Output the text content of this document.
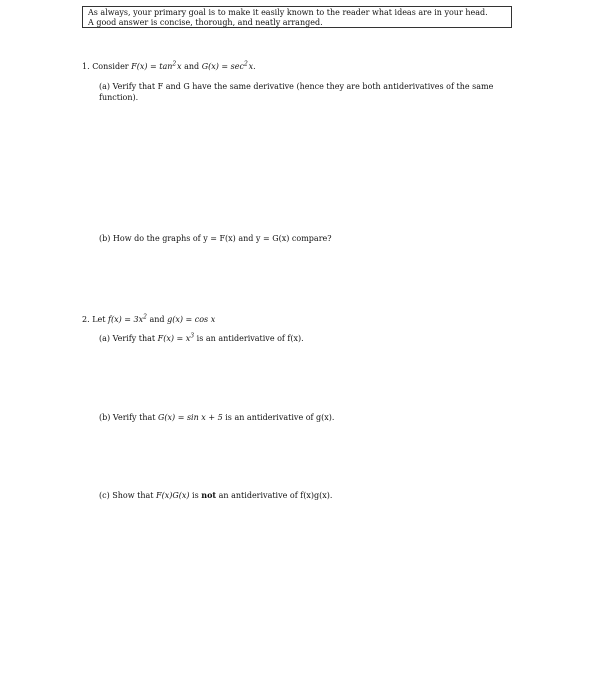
As always, your primary goal is to make it easily known to the reader what ideas are in your head.
A good answer is concise, thorough, and neatly arranged.
1. Consider $F(x) = \tan^2$ x and $G(x) = \sec^2$ x.
(a) Verify that F and G have the same derivative (hence they are both antiderivatives of the same function).
(b) How do the graphs of y = F(x) and y = G(x) compare?
2. Let $f(x) = 3x^2$ and g(x) = cos x
(a) Verify that $F(x) = x^3$ is an antiderivative of f(x).
(b) Verify that G(x) = sin x + 5 is an antiderivative of g(x).
(c) Show that F(x)G(x) is not an antiderivative of f(x)g(x).
